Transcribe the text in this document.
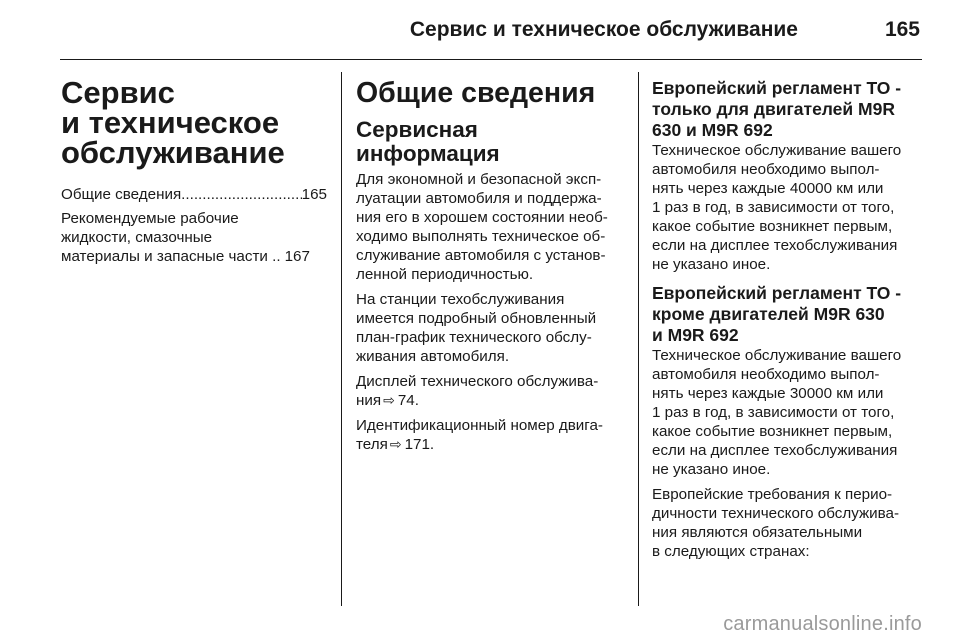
Сервис и техническое обслуживание	165
Сервис
и техническое
обслуживание
Общие сведения
.....	165
Рекомендуемые рабочие
жидкости, смазочные
материалы и запасные части .. 167
Общие сведения
Сервисная информация

Для экономной и безопасной эксп-
луатации автомобиля и поддержа-
ния его в хорошем состоянии необ-
ходимо выполнять техническое об-
служивание автомобиля с установ-
ленной периодичностью.

На станции техобслуживания
имеется подробный обновленный
план-график технического обслу-
живания автомобиля.

Дисплей технического обслужива-
ния ⇨ 74.

Идентификационный номер двига-
теля ⇨ 171.

Европейский регламент ТО -
только для двигателей M9R
630 и M9R 692

Техническое обслуживание вашего
автомобиля необходимо выпол-
нять через каждые 40000 км или
1 раз в год, в зависимости от того,
какое событие возникнет первым,
если на дисплее техобслуживания
не указано иное.

Европейский регламент ТО -
кроме двигателей M9R 630
и M9R 692

Техническое обслуживание вашего
автомобиля необходимо выпол-
нять через каждые 30000 км или
1 раз в год, в зависимости от того,
какое событие возникнет первым,
если на дисплее техобслуживания
не указано иное.

Европейские требования к перио-
дичности технического обслужива-
ния являются обязательными
в следующих странах:

carmanualsonline.info
